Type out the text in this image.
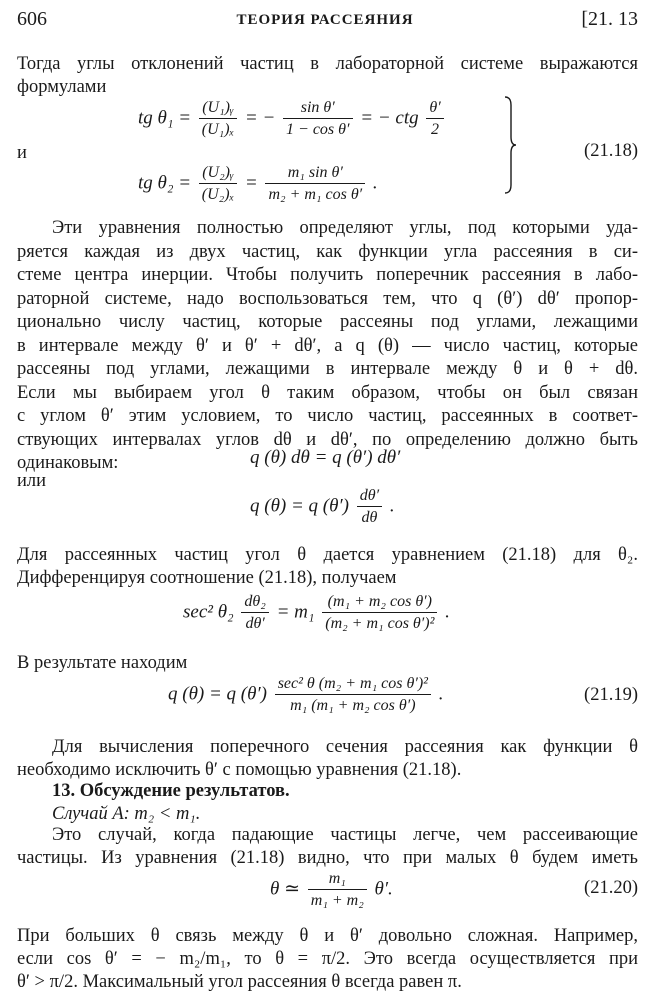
606	ТЕОРИЯ РАССЕЯНИЯ	[21. 13
Тогда углы отклонений частиц в лабораторной системе выражаются
формулами
tg $\theta_1 = \frac{\text{(U₁)ᵧ}}{\text{(U₁)ₓ}}$ = − $\frac{\text{sin θ′}}{\text{1 − cos θ′}}$ = − ctg $\frac{\theta'}{2}$
и
tg $\theta_2 = \frac{\text{(U₂)ᵧ}}{\text{(U₂)ₓ}} = \frac{\text{m₁ sin θ′}}{\text{m₂ + m₁ cos θ′}}$ .
(21.18)
Эти уравнения полностью определяют углы, под которыми уда-
ряется каждая из двух частиц, как функции угла рассеяния в си-
стеме центра инерции. Чтобы получить поперечник рассеяния в лабо-
раторной системе, надо воспользоваться тем, что q (θ′) dθ′ пропор-
ционально числу частиц, которые рассеяны под углами, лежащими
в интервале между θ′ и θ′ + dθ′, а q (θ) — число частиц, которые
рассеяны под углами, лежащими в интервале между θ и θ + dθ.
Если мы выбираем угол θ таким образом, чтобы он был связан
с углом θ′ этим условием, то число частиц, рассеянных в соответ-
ствующих интервалах углов dθ и dθ′, по определению должно быть
одинаковым:	q (θ) dθ = q (θ′) dθ′
или
q (θ) = q $(\theta') \frac{d\theta'}{d\theta}$ .
Для рассеянных частиц угол θ дается уравнением (21.18) для θ₂.
Дифференцируя соотношение (21.18), получаем
sec² $\theta_2 \frac{\text{dθ₂}}{d\theta'} = m_1 \frac{\text{(m₁ + m₂ cos θ′)}}{\text{(m₂ + m₁ cos θ′)²}}$ .
В результате находим
q (θ) = q $(\theta') \frac{\text{sec² θ (m₂ + m₁ cos θ′)²}}{\text{m₁ (m₁ + m₂ cos θ′)}}$ .	(21.19)
Для вычисления поперечного сечения рассеяния как функции θ
необходимо исключить θ′ с помощью уравнения (21.18).
13. Обсуждение результатов.
Случай А: m₂ < m₁.
Это случай, когда падающие частицы легче, чем рассеивающие
частицы. Из уравнения (21.18) видно, что при малых θ будем иметь
θ ≃ $\frac{\text{m₁}}{\text{m₁ + m₂}} \theta'$.	(21.20)
При больших θ связь между θ и θ′ довольно сложная. Например,
если cos θ′ = − m₂/m₁, то θ = π/2. Это всегда осуществляется при
θ′ > π/2. Максимальный угол рассеяния θ всегда равен π.
